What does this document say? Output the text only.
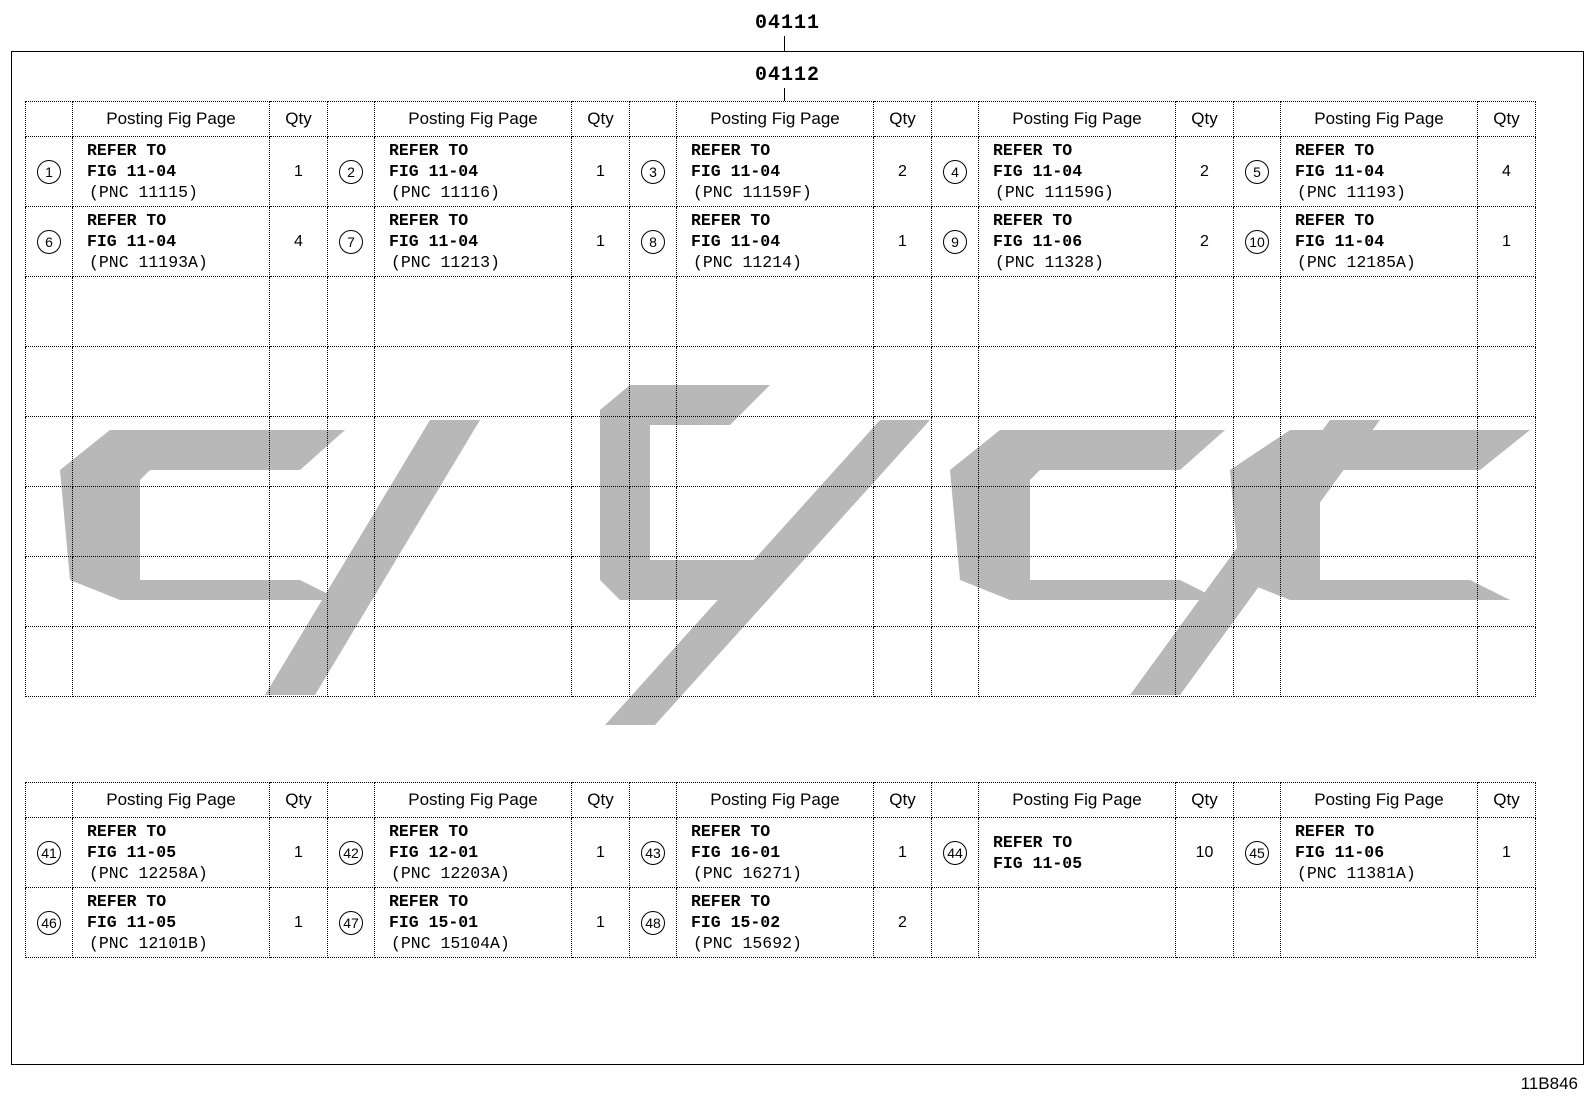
04111
04112
	Posting Fig Page	Qty		Posting Fig Page	Qty		Posting Fig Page	Qty		Posting Fig Page	Qty		Posting Fig Page	Qty
1	REFER TO
FIG 11-04
(PNC 11115)	1	2	REFER TO
FIG 11-04
(PNC 11116)	1	3	REFER TO
FIG 11-04
(PNC 11159F)	2	4	REFER TO
FIG 11-04
(PNC 11159G)	2	5	REFER TO
FIG 11-04
(PNC 11193)	4
6	REFER TO
FIG 11-04
(PNC 11193A)	4	7	REFER TO
FIG 11-04
(PNC 11213)	1	8	REFER TO
FIG 11-04
(PNC 11214)	1	9	REFER TO
FIG 11-06
(PNC 11328)	2	10	REFER TO
FIG 11-04
(PNC 12185A)	1

	Posting Fig Page	Qty		Posting Fig Page	Qty		Posting Fig Page	Qty		Posting Fig Page	Qty		Posting Fig Page	Qty
41	REFER TO
FIG 11-05
(PNC 12258A)	1	42	REFER TO
FIG 12-01
(PNC 12203A)	1	43	REFER TO
FIG 16-01
(PNC 16271)	1	44	REFER TO
FIG 11-05	10	45	REFER TO
FIG 11-06
(PNC 11381A)	1
46	REFER TO
FIG 11-05
(PNC 12101B)	1	47	REFER TO
FIG 15-01
(PNC 15104A)	1	48	REFER TO
FIG 15-02
(PNC 15692)	2						
11B846
